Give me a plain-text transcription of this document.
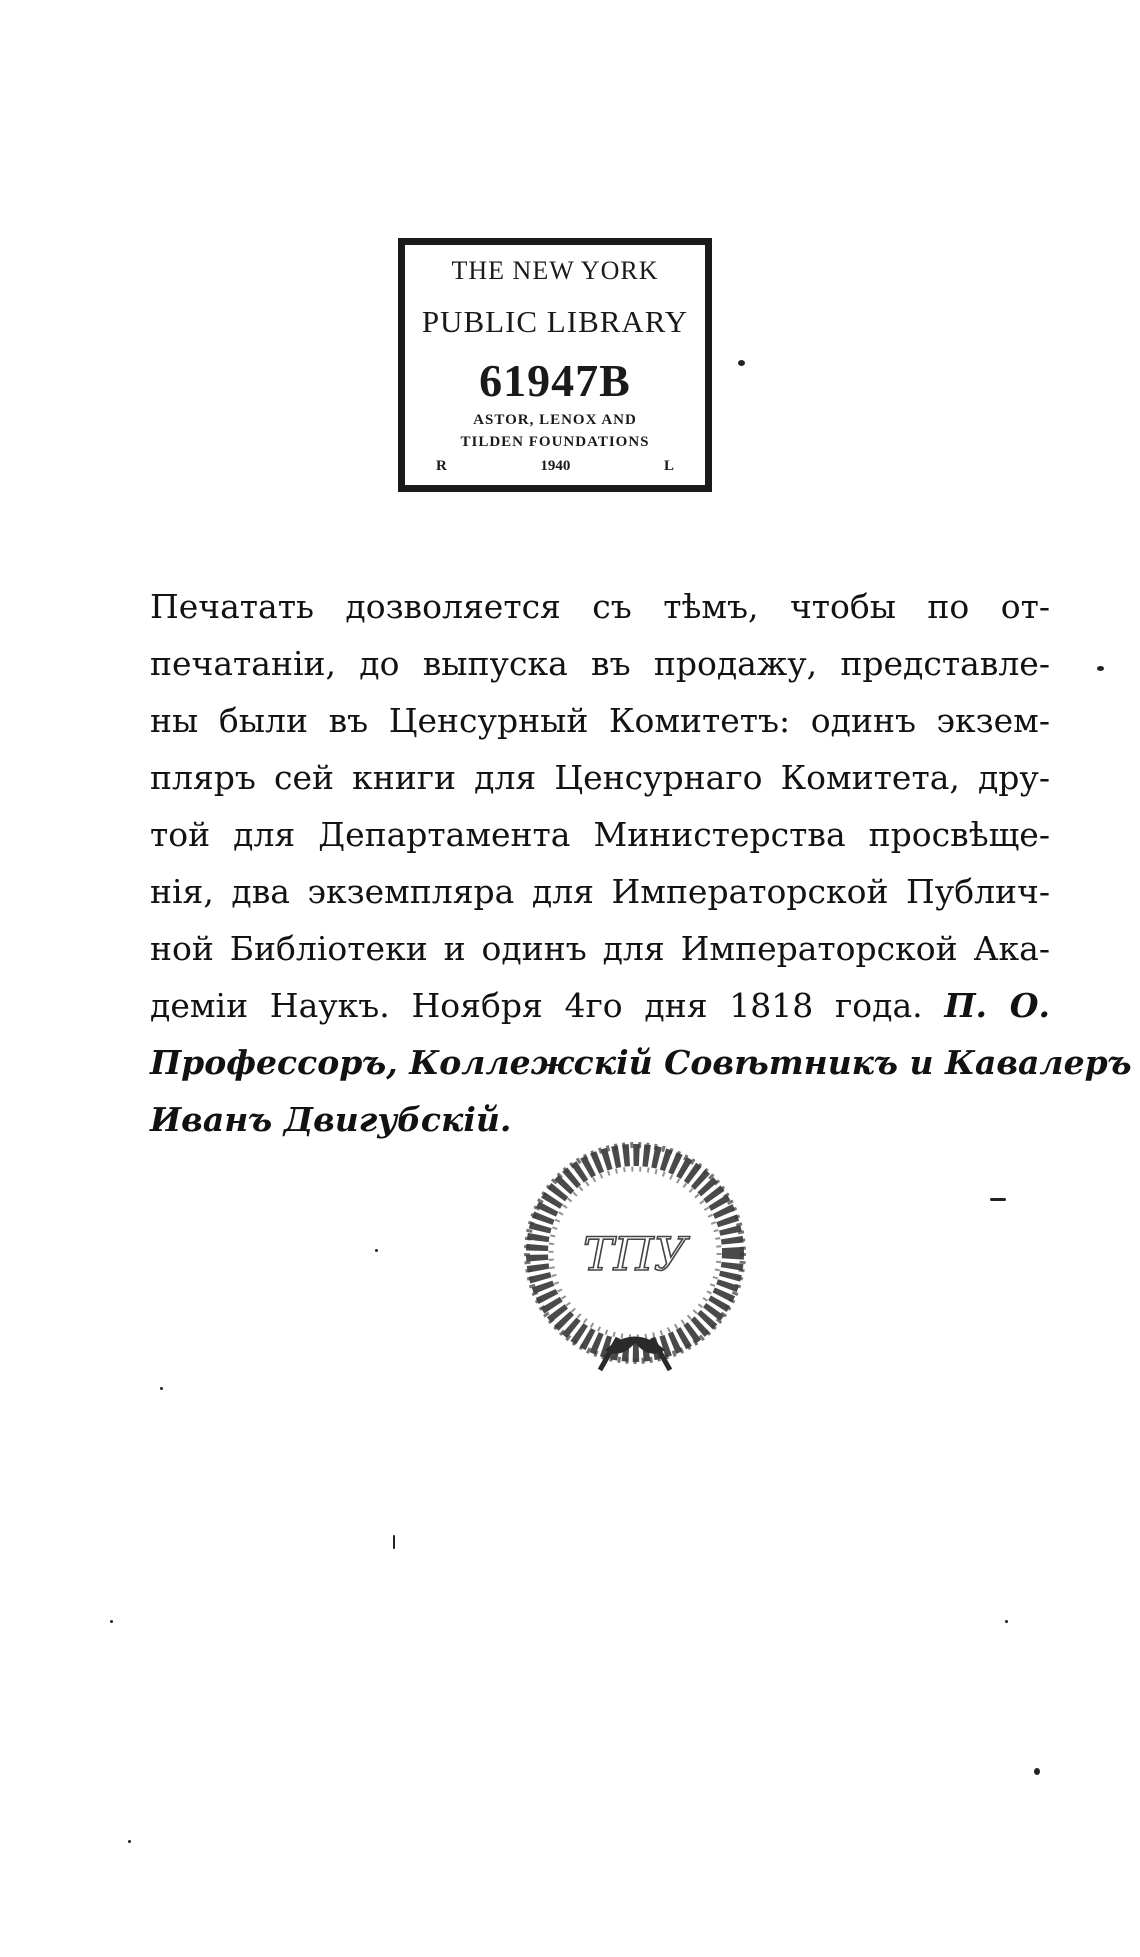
THE NEW YORK
PUBLIC LIBRARY
61947B
ASTOR, LENOX AND
TILDEN FOUNDATIONS
R	1940	L
Печатать дозволяется съ тѣмъ, чтобы по от-
печатаніи, до выпуска въ продажу, представле-
ны были въ Ценсурный Комитетъ: одинъ экзем-
пляръ сей книги для Ценсурнаго Комитета, дру-
той для Департамента Министерства просвѣще-
нія, два экземпляра для Императорской Публич-
ной Библіотеки и одинъ для Императорской Ака-
деміи Наукъ. Ноября 4го дня 1818 года. П. О.
Профессоръ, Коллежскій Совѣтникъ и Кавалеръ
Иванъ Двигубскій.
ТПУ
